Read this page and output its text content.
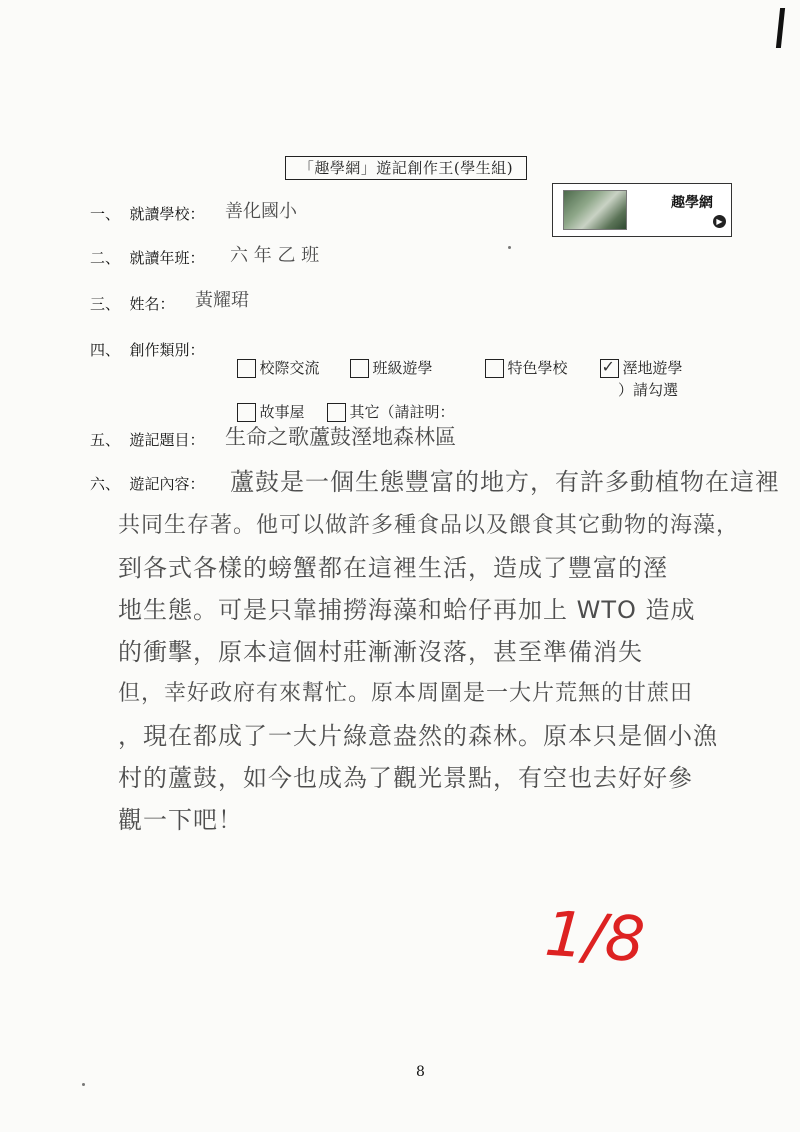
「趣學網」遊記創作王(學生組)
趣學網
▶
一、  就讀學校： 善化國小
二、  就讀年班： 六 年 乙 班
三、  姓名： 黃耀珺
四、  創作類別：

校際交流	班級遊學	特色學校

✓ 溼地遊學

故事屋	其它（請註明：

）請勾選
五、  遊記題目： 生命之歌蘆鼓溼地森林區
六、  遊記內容： 蘆鼓是一個生態豐富的地方，有許多動植物在這裡
共同生存著。他可以做許多種食品以及餵食其它動物的海藻，
到各式各樣的螃蟹都在這裡生活，造成了豐富的溼
地生態。可是只靠捕撈海藻和蛤仔再加上 WTO 造成
的衝擊，原本這個村莊漸漸沒落，甚至準備消失
但，幸好政府有來幫忙。原本周圍是一大片荒無的甘蔗田
，現在都成了一大片綠意盎然的森林。原本只是個小漁
村的蘆鼓，如今也成為了觀光景點，有空也去好好參
觀一下吧！
1/8
8
